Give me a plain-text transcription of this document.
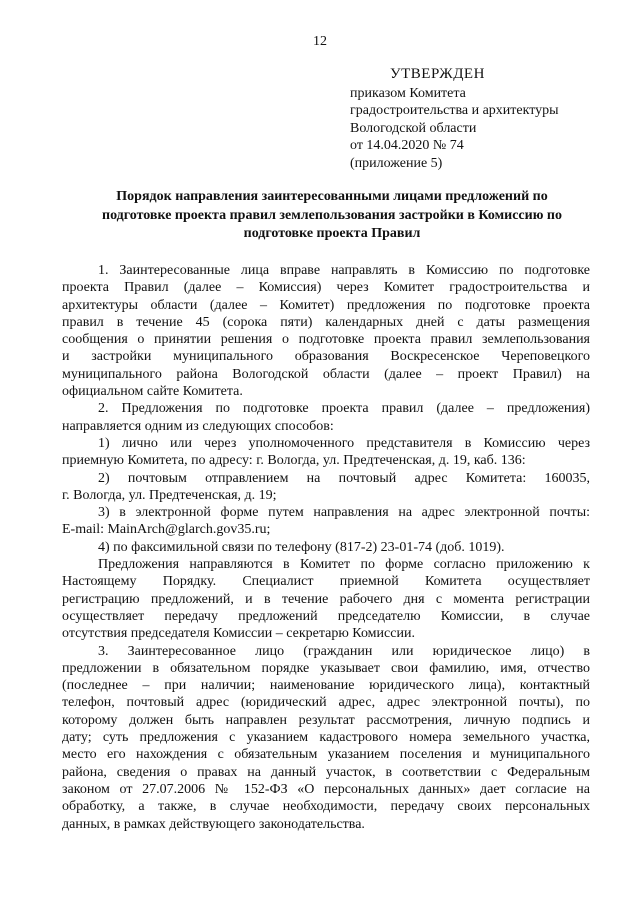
12
УТВЕРЖДЕН
приказом Комитета
градостроительства и архитектуры
Вологодской области
от 14.04.2020 № 74
(приложение 5)
Порядок направления заинтересованными лицами предложений по
подготовке проекта правил землепользования застройки в Комиссию по
подготовке проекта Правил
1. Заинтересованные лица вправе направлять в Комиссию по подготовке
проекта Правил (далее – Комиссия) через Комитет градостроительства и
архитектуры области (далее – Комитет) предложения по подготовке проекта
правил в течение 45 (сорока пяти) календарных дней с даты размещения
сообщения о принятии решения о подготовке проекта правил землепользования
и застройки муниципального образования Воскресенское Череповецкого
муниципального района Вологодской области (далее – проект Правил) на
официальном сайте Комитета.
2. Предложения по подготовке проекта правил (далее – предложения)
направляется одним из следующих способов:
1) лично или через уполномоченного представителя в Комиссию через
приемную Комитета, по адресу: г. Вологда, ул. Предтеченская, д. 19, каб. 136:
2) почтовым отправлением на почтовый адрес Комитета: 160035,
г. Вологда, ул. Предтеченская, д. 19;
3) в электронной форме путем направления на адрес электронной почты:
E-mail: MainArch@glarch.gov35.ru;
4) по факсимильной связи по телефону (817-2) 23-01-74 (доб. 1019).
Предложения направляются в Комитет по форме согласно приложению к
Настоящему Порядку. Специалист приемной Комитета осуществляет
регистрацию предложений, и в течение рабочего дня с момента регистрации
осуществляет передачу предложений председателю Комиссии, в случае
отсутствия председателя Комиссии – секретарю Комиссии.
3. Заинтересованное лицо (гражданин или юридическое лицо) в
предложении в обязательном порядке указывает свои фамилию, имя, отчество
(последнее – при наличии; наименование юридического лица), контактный
телефон, почтовый адрес (юридический адрес, адрес электронной почты), по
которому должен быть направлен результат рассмотрения, личную подпись и
дату; суть предложения с указанием кадастрового номера земельного участка,
место его нахождения с обязательным указанием поселения и муниципального
района, сведения о правах на данный участок, в соответствии с Федеральным
законом от 27.07.2006 № 152-ФЗ «О персональных данных» дает согласие на
обработку, а также, в случае необходимости, передачу своих персональных
данных, в рамках действующего законодательства.
